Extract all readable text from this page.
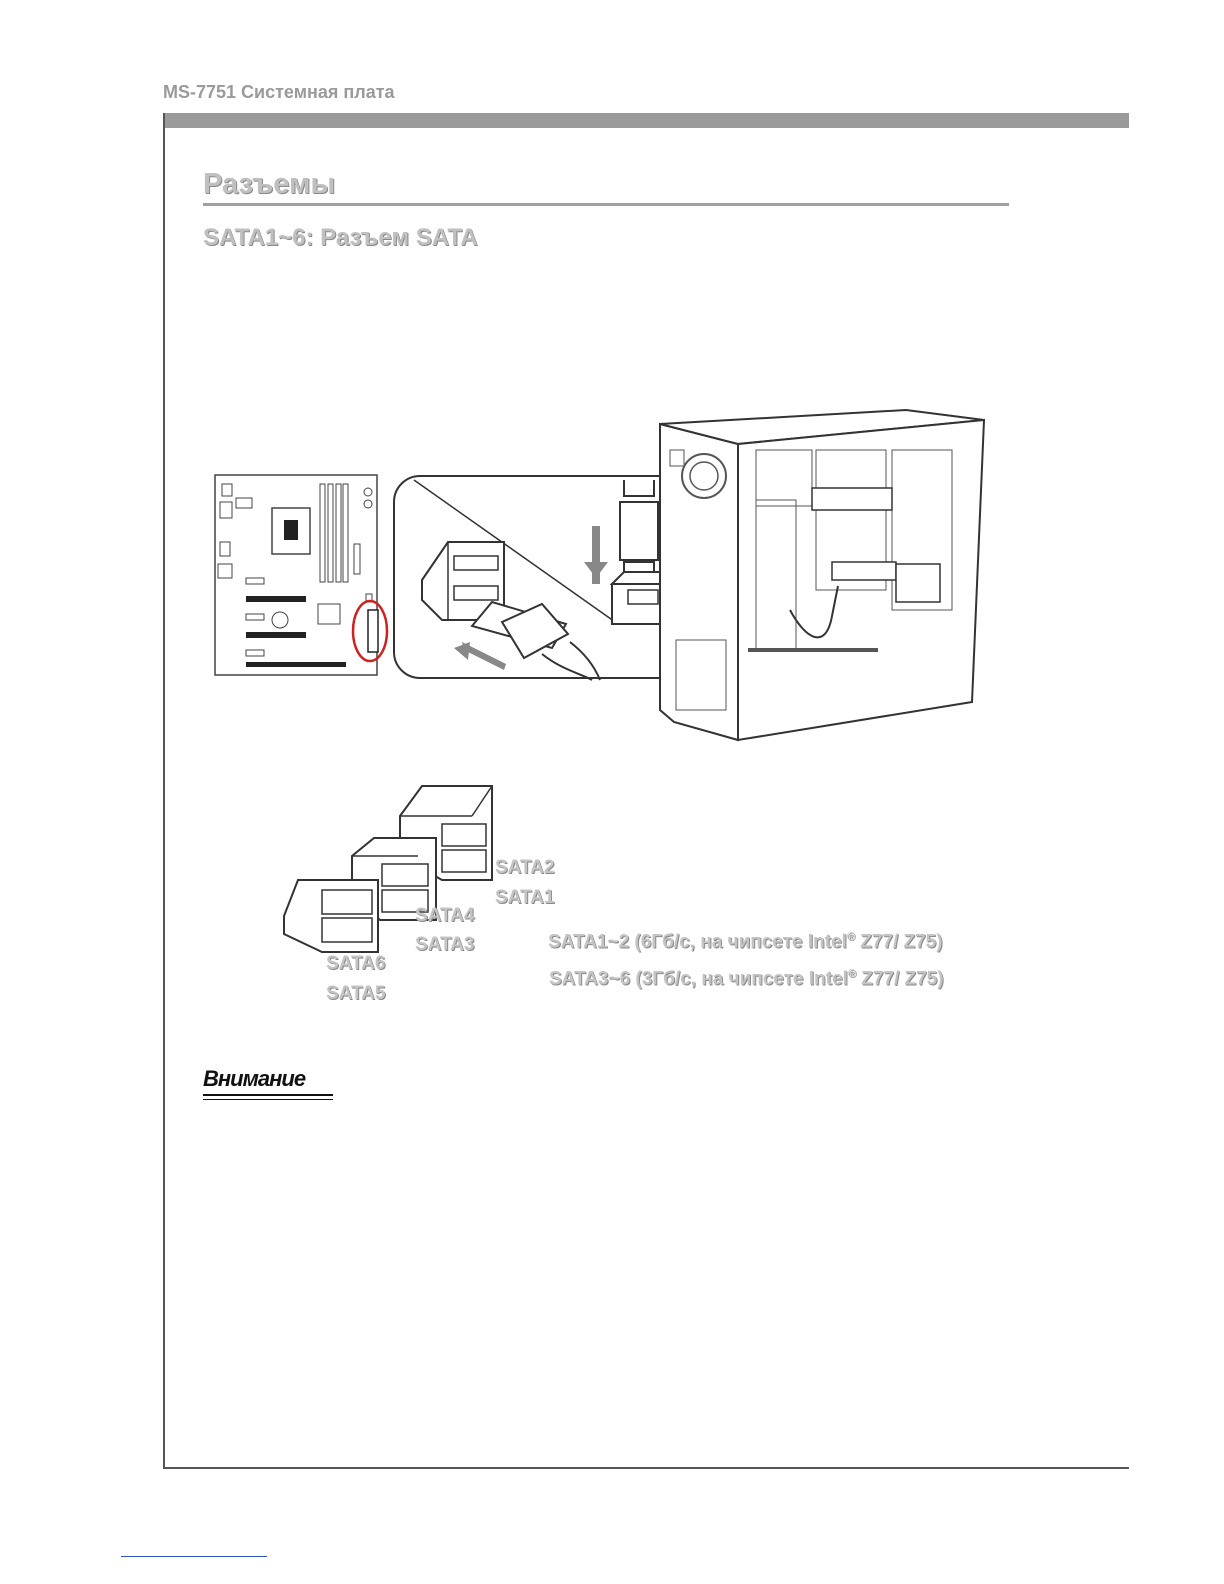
MS-7751 Системная плата
Разъемы
SATA1~6: Разъем SATA
SATA2
SATA1
SATA4
SATA3
SATA6
SATA5
SATA1~2 (6Гб/с, на чипсете Intel® Z77/ Z75)
SATA3~6 (3Гб/с, на чипсете Intel® Z77/ Z75)
Внимание
